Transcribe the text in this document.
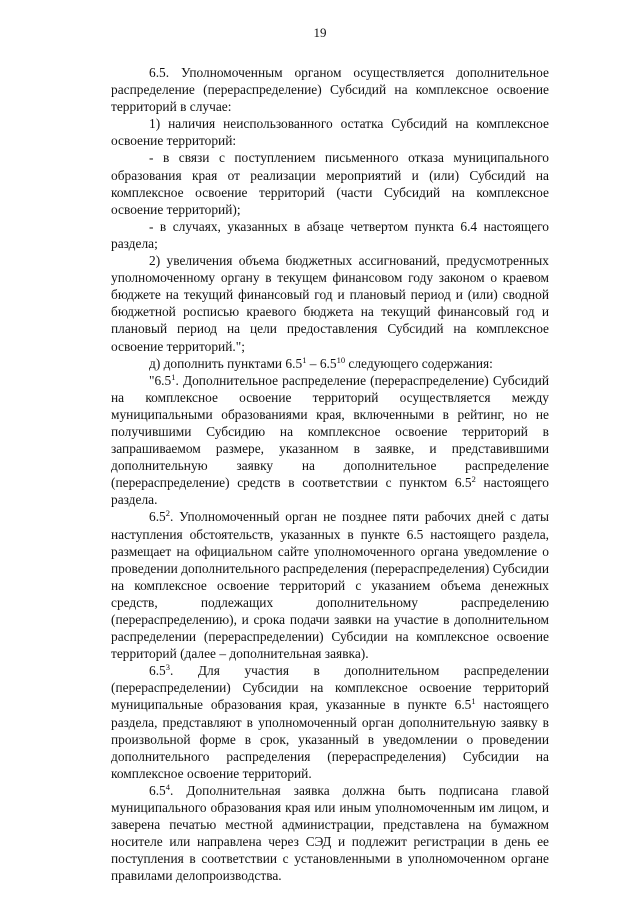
19

6.5. Уполномоченным органом осуществляется дополнительное распределение (перераспределение) Субсидий на комплексное освоение территорий в случае:

1) наличия неиспользованного остатка Субсидий на комплексное освоение территорий:

- в связи с поступлением письменного отказа муниципального образования края от реализации мероприятий и (или) Субсидий на комплексное освоение территорий (части Субсидий на комплексное освоение территорий);

- в случаях, указанных в абзаце четвертом пункта 6.4 настоящего раздела;

2) увеличения объема бюджетных ассигнований, предусмотренных уполномоченному органу в текущем финансовом году законом о краевом бюджете на текущий финансовый год и плановый период и (или) сводной бюджетной росписью краевого бюджета на текущий финансовый год и плановый период на цели предоставления Субсидий на комплексное освоение территорий.";

д) дополнить пунктами $6.5^1 - 6.5^{10}$ следующего содержания:

"$6.5^1$. Дополнительное распределение (перераспределение) Субсидий на комплексное освоение территорий осуществляется между муниципальными образованиями края, включенными в рейтинг, но не получившими Субсидию на комплексное освоение территорий в запрашиваемом размере, указанном в заявке, и представившими дополнительную заявку на дополнительное распределение (перераспределение) средств в соответствии с пунктом $6.5^2$ настоящего раздела.

$6.5^2$. Уполномоченный орган не позднее пяти рабочих дней с даты наступления обстоятельств, указанных в пункте 6.5 настоящего раздела, размещает на официальном сайте уполномоченного органа уведомление о проведении дополнительного распределения (перераспределения) Субсидии на комплексное освоение территорий с указанием объема денежных средств, подлежащих дополнительному распределению (перераспределению), и срока подачи заявки на участие в дополнительном распределении (перераспределении) Субсидии на комплексное освоение территорий (далее – дополнительная заявка).

$6.5^3$. Для участия в дополнительном распределении (перераспределении) Субсидии на комплексное освоение территорий муниципальные образования края, указанные в пункте $6.5^1$ настоящего раздела, представляют в уполномоченный орган дополнительную заявку в произвольной форме в срок, указанный в уведомлении о проведении дополнительного распределения (перераспределения) Субсидии на комплексное освоение территорий.

$6.5^4$. Дополнительная заявка должна быть подписана главой муниципального образования края или иным уполномоченным им лицом, и заверена печатью местной администрации, представлена на бумажном носителе или направлена через СЭД и подлежит регистрации в день ее поступления в соответствии с установленными в уполномоченном органе правилами делопроизводства.
